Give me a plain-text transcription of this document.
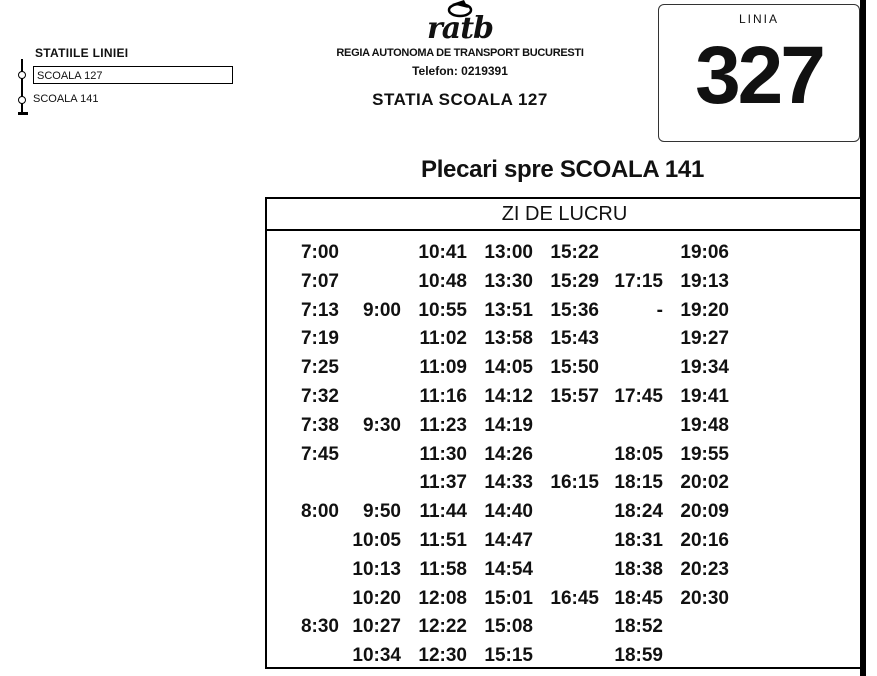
STATIILE LINIEI
SCOALA 127
SCOALA 141
ratb
REGIA AUTONOMA DE TRANSPORT BUCURESTI
Telefon: 0219391
STATIA SCOALA 127
LINIA
327
Plecari spre SCOALA 141
ZI DE LUCRU
7:00
7:07
7:13
7:19
7:25
7:32
7:38
7:45
8:00
8:30
9:00
9:30
9:50
10:05
10:13
10:20
10:27
10:34
10:41
10:48
10:55
11:02
11:09
11:16
11:23
11:30
11:37
11:44
11:51
11:58
12:08
12:22
12:30
13:00
13:30
13:51
13:58
14:05
14:12
14:19
14:26
14:33
14:40
14:47
14:54
15:01
15:08
15:15
15:22
15:29
15:36
15:43
15:50
15:57
16:15
16:45
17:15
-
17:45
18:05
18:15
18:24
18:31
18:38
18:45
18:52
18:59
19:06
19:13
19:20
19:27
19:34
19:41
19:48
19:55
20:02
20:09
20:16
20:23
20:30
